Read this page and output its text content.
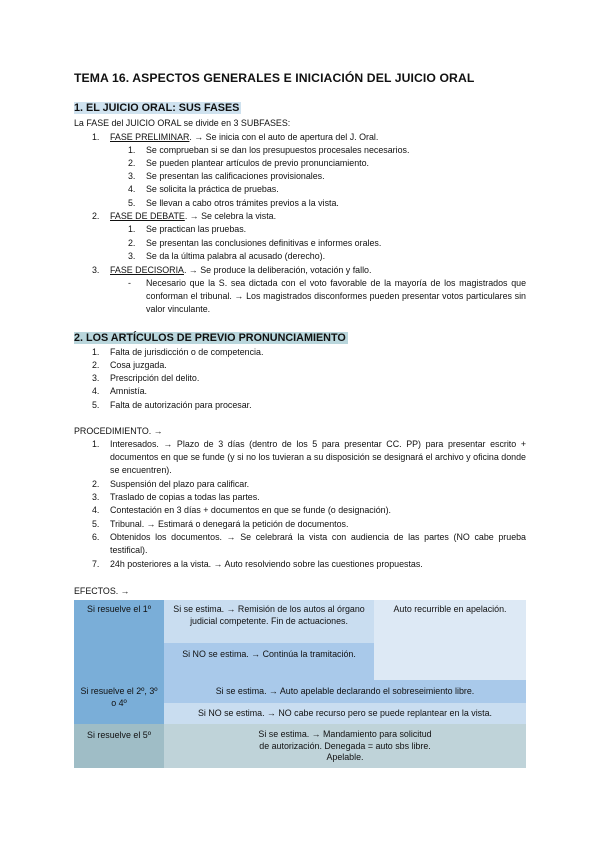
TEMA 16. ASPECTOS GENERALES E INICIACIÓN DEL JUICIO ORAL
1. EL JUICIO ORAL: SUS FASES
La FASE del JUICIO ORAL se divide en 3 SUBFASES:
1. FASE PRELIMINAR. → Se inicia con el auto de apertura del J. Oral.
1. Se comprueban si se dan los presupuestos procesales necesarios.
2. Se pueden plantear artículos de previo pronunciamiento.
3. Se presentan las calificaciones provisionales.
4. Se solicita la práctica de pruebas.
5. Se llevan a cabo otros trámites previos a la vista.
2. FASE DE DEBATE. → Se celebra la vista.
1. Se practican las pruebas.
2. Se presentan las conclusiones definitivas e informes orales.
3. Se da la última palabra al acusado (derecho).
3. FASE DECISORIA. → Se produce la deliberación, votación y fallo.
- Necesario que la S. sea dictada con el voto favorable de la mayoría de los magistrados que conforman el tribunal. → Los magistrados disconformes pueden presentar votos particulares sin valor vinculante.
2. LOS ARTÍCULOS DE PREVIO PRONUNCIAMIENTO
1. Falta de jurisdicción o de competencia.
2. Cosa juzgada.
3. Prescripción del delito.
4. Amnistía.
5. Falta de autorización para procesar.
PROCEDIMIENTO. →
1. Interesados. → Plazo de 3 días (dentro de los 5 para presentar CC. PP) para presentar escrito + documentos en que se funde (y si no los tuvieran a su disposición se designará el archivo y oficina donde se encuentren).
2. Suspensión del plazo para calificar.
3. Traslado de copias a todas las partes.
4. Contestación en 3 días + documentos en que se funde (o designación).
5. Tribunal. → Estimará o denegará la petición de documentos.
6. Obtenidos los documentos. → Se celebrará la vista con audiencia de las partes (NO cabe prueba testifical).
7. 24h posteriores a la vista. → Auto resolviendo sobre las cuestiones propuestas.
EFECTOS. →
Si resuelve el 1º	Si se estima. → Remisión de los autos al órgano judicial competente. Fin de actuaciones.	Auto recurrible en apelación.
	Si NO se estima. → Continúa la tramitación.	
Si resuelve el 2º, 3º o 4º	Si se estima. → Auto apelable declarando el sobreseimiento libre.	
	Si NO se estima. → NO cabe recurso pero se puede replantear en la vista.	
Si resuelve el 5º	Si se estima. → Mandamiento para solicitud de autorización. Denegada = auto sbs libre. Apelable.	
